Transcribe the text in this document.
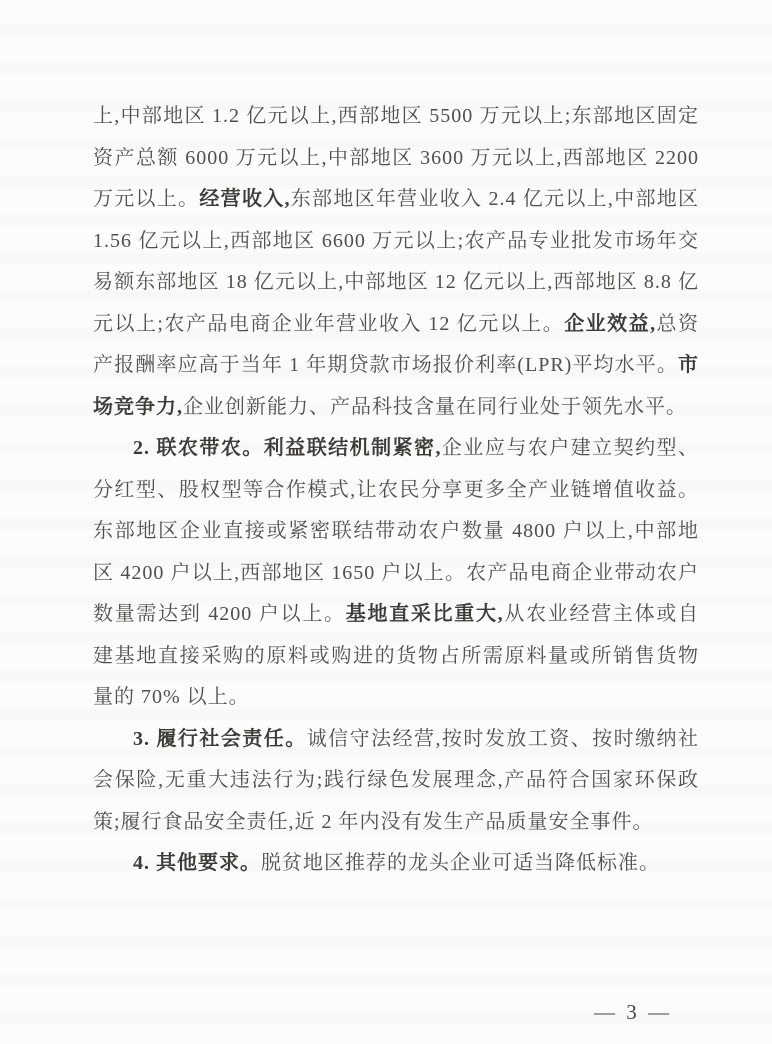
上,中部地区 1.2 亿元以上,西部地区 5500 万元以上;东部地区固定资产总额 6000 万元以上,中部地区 3600 万元以上,西部地区 2200 万元以上。经营收入,东部地区年营业收入 2.4 亿元以上,中部地区 1.56 亿元以上,西部地区 6600 万元以上;农产品专业批发市场年交易额东部地区 18 亿元以上,中部地区 12 亿元以上,西部地区 8.8 亿元以上;农产品电商企业年营业收入 12 亿元以上。企业效益,总资产报酬率应高于当年 1 年期贷款市场报价利率(LPR)平均水平。市场竞争力,企业创新能力、产品科技含量在同行业处于领先水平。

2. 联农带农。利益联结机制紧密,企业应与农户建立契约型、分红型、股权型等合作模式,让农民分享更多全产业链增值收益。东部地区企业直接或紧密联结带动农户数量 4800 户以上,中部地区 4200 户以上,西部地区 1650 户以上。农产品电商企业带动农户数量需达到 4200 户以上。基地直采比重大,从农业经营主体或自建基地直接采购的原料或购进的货物占所需原料量或所销售货物量的 70% 以上。

3. 履行社会责任。诚信守法经营,按时发放工资、按时缴纳社会保险,无重大违法行为;践行绿色发展理念,产品符合国家环保政策;履行食品安全责任,近 2 年内没有发生产品质量安全事件。

4. 其他要求。脱贫地区推荐的龙头企业可适当降低标准。

— 3 —
